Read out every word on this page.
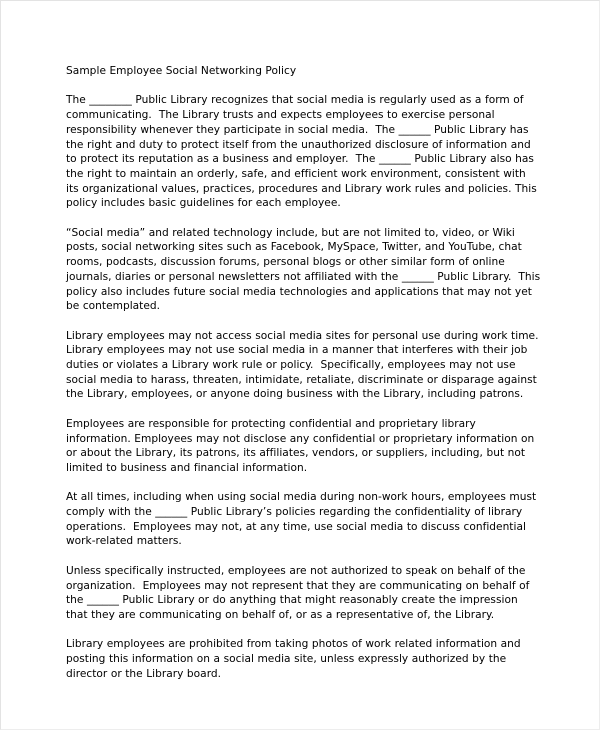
Sample Employee Social Networking Policy

The ________ Public Library recognizes that social media is regularly used as a form of communicating.  The Library trusts and expects employees to exercise personal responsibility whenever they participate in social media.  The ______ Public Library has the right and duty to protect itself from the unauthorized disclosure of information and to protect its reputation as a business and employer.  The ______ Public Library also has the right to maintain an orderly, safe, and efficient work environment, consistent with its organizational values, practices, procedures and Library work rules and policies. This policy includes basic guidelines for each employee.

“Social media” and related technology include, but are not limited to, video, or Wiki posts, social networking sites such as Facebook, MySpace, Twitter, and YouTube, chat rooms, podcasts, discussion forums, personal blogs or other similar form of online journals, diaries or personal newsletters not affiliated with the ______ Public Library.  This policy also includes future social media technologies and applications that may not yet be contemplated.

Library employees may not access social media sites for personal use during work time.  Library employees may not use social media in a manner that interferes with their job duties or violates a Library work rule or policy.  Specifically, employees may not use social media to harass, threaten, intimidate, retaliate, discriminate or disparage against the Library, employees, or anyone doing business with the Library, including patrons.

Employees are responsible for protecting confidential and proprietary library information. Employees may not disclose any confidential or proprietary information on or about the Library, its patrons, its affiliates, vendors, or suppliers, including, but not limited to business and financial information.

At all times, including when using social media during non-work hours, employees must comply with the ______ Public Library’s policies regarding the confidentiality of library operations.  Employees may not, at any time, use social media to discuss confidential work-related matters.

Unless specifically instructed, employees are not authorized to speak on behalf of the organization.  Employees may not represent that they are communicating on behalf of the ______ Public Library or do anything that might reasonably create the impression that they are communicating on behalf of, or as a representative of, the Library.

Library employees are prohibited from taking photos of work related information and posting this information on a social media site, unless expressly authorized by the director or the Library board.
